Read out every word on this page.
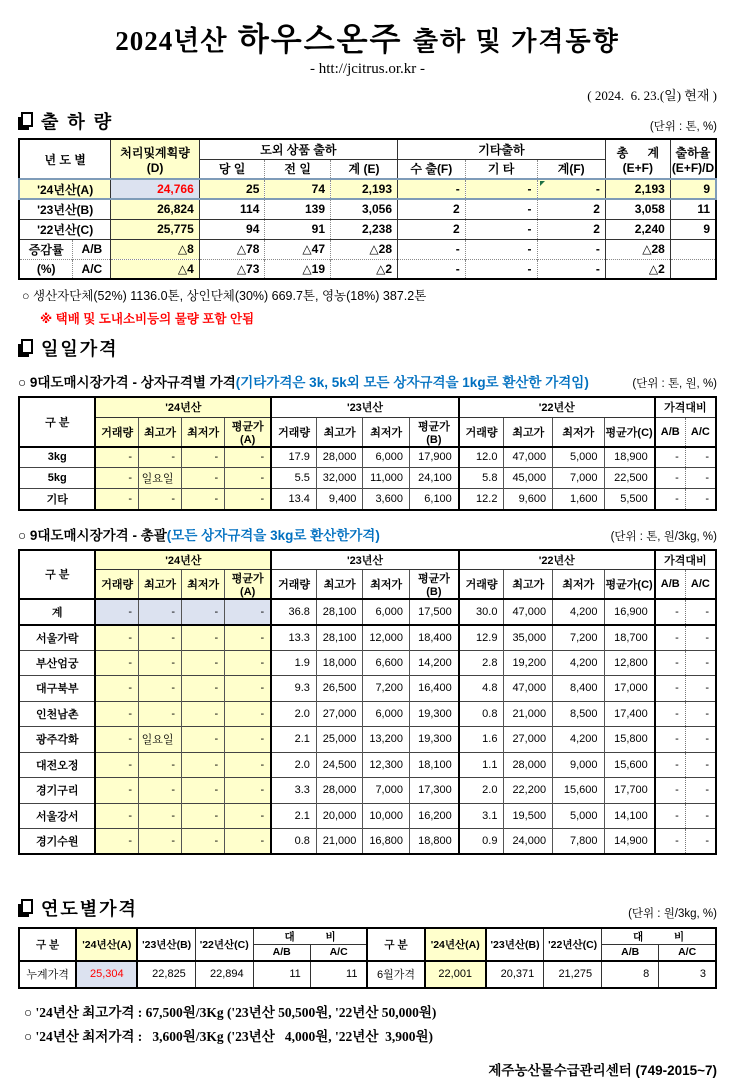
2024년산 하우스온주 출하 및 가격동향
- htt://jcitrus.or.kr -
( 2024.  6. 23.(일) 현재 )
출 하 량	(단위 : 톤, %)
년 도 별	처리및계획량
(D)
	도외 상품 출하	기타출하	총 계
(E+F)

출하율
(E+F)/D

			당 일	전 일	계 (E)	수 출(F)	기 타	계(F)		
'24년산(A)		24,766	25	74	2,193	-	-	-	2,193	9
'23년산(B)		26,824	114	139	3,056	2	-	2	3,058	11
'22년산(C)		25,775	94	91	2,238	2	-	2	2,240	9
증감률	A/B	△8	△78	△47	△28	-	-	-	△28	
(%)	A/C	△4	△73	△19	△2	-	-	-	△2	
○ 생산자단체(52%) 1136.0톤, 상인단체(30%) 669.7톤, 영농(18%) 387.2톤
※ 택배 및 도내소비등의 물량 포함 안됨
일일가격
○ 9대도매시장가격 - 상자규격별 가격(기타가격은 3k, 5k외 모든 상자규격을 1kg로 환산한 가격임)	(단위 : 톤, 원, %)
구 분	'24년산				'23년산				'22년산				가격대비	
	거래량	최고가	최저가	평균가(A)	거래량	최고가	최저가	평균가(B)	거래량	최고가	최저가	평균가(C)	A/B	A/C
3kg	-	-	-	-	17.9	28,000	6,000	17,900	12.0	47,000	5,000	18,900	-	-
5kg	-	일요일	-	-	5.5	32,000	11,000	24,100	5.8	45,000	7,000	22,500	-	-
기타	-	-	-	-	13.4	9,400	3,600	6,100	12.2	9,600	1,600	5,500	-	-
○ 9대도매시장가격 - 총괄(모든 상자규격을 3kg로 환산한가격)	(단위 : 톤, 원/3kg, %)
구 분	'24년산				'23년산				'22년산				가격대비	
	거래량	최고가	최저가	평균가(A)	거래량	최고가	최저가	평균가(B)	거래량	최고가	최저가	평균가(C)	A/B	A/C
계	-	-	-	-	36.8	28,100	6,000	17,500	30.0	47,000	4,200	16,900	-	-
서울가락	-	-	-	-	13.3	28,100	12,000	18,400	12.9	35,000	7,200	18,700	-	-
부산엄궁	-	-	-	-	1.9	18,000	6,600	14,200	2.8	19,200	4,200	12,800	-	-
대구북부	-	-	-	-	9.3	26,500	7,200	16,400	4.8	47,000	8,400	17,000	-	-
인천남촌	-	-	-	-	2.0	27,000	6,000	19,300	0.8	21,000	8,500	17,400	-	-
광주각화	-	일요일	-	-	2.1	25,000	13,200	19,300	1.6	27,000	4,200	15,800	-	-
대전오정	-	-	-	-	2.0	24,500	12,300	18,100	1.1	28,000	9,000	15,600	-	-
경기구리	-	-	-	-	3.3	28,000	7,000	17,300	2.0	22,200	15,600	17,700	-	-
서울강서	-	-	-	-	2.1	20,000	10,000	16,200	3.1	19,500	5,000	14,100	-	-
경기수원	-	-	-	-	0.8	21,000	16,800	18,800	0.9	24,000	7,800	14,900	-	-
연도별가격	(단위 : 원/3kg, %)
구 분	'24년산(A)	'23년산(B)	'22년산(C)	대 비		구 분	'24년산(A)	'23년산(B)	'22년산(C)	대 비	
				A/B	A/C					A/B	A/C
누계가격	25,304	22,825	22,894	11	11	6월가격	22,001	20,371	21,275	8	3
○ '24년산 최고가격 : 67,500원/3Kg ('23년산 50,500원, '22년산 50,000원)
○ '24년산 최저가격 :   3,600원/3Kg ('23년산   4,000원, '22년산  3,900원)
제주농산물수급관리센터 (749-2015~7)
